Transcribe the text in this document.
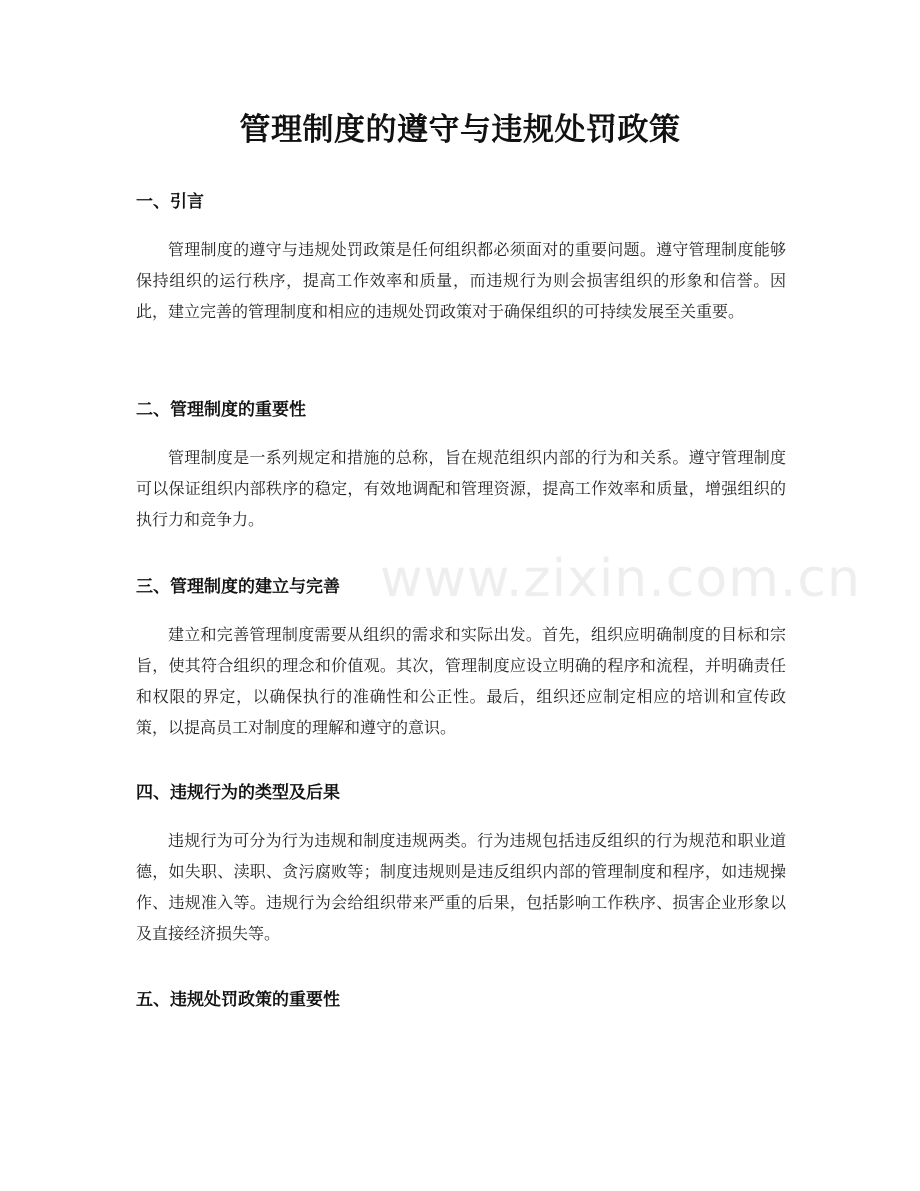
管理制度的遵守与违规处罚政策
www.zixin.com.cn
一、引言

管理制度的遵守与违规处罚政策是任何组织都必须面对的重要问题。遵守管理制度能够保持组织的运行秩序，提高工作效率和质量，而违规行为则会损害组织的形象和信誉。因此，建立完善的管理制度和相应的违规处罚政策对于确保组织的可持续发展至关重要。

二、管理制度的重要性

管理制度是一系列规定和措施的总称，旨在规范组织内部的行为和关系。遵守管理制度可以保证组织内部秩序的稳定，有效地调配和管理资源，提高工作效率和质量，增强组织的执行力和竞争力。

三、管理制度的建立与完善

建立和完善管理制度需要从组织的需求和实际出发。首先，组织应明确制度的目标和宗旨，使其符合组织的理念和价值观。其次，管理制度应设立明确的程序和流程，并明确责任和权限的界定，以确保执行的准确性和公正性。最后，组织还应制定相应的培训和宣传政策，以提高员工对制度的理解和遵守的意识。

四、违规行为的类型及后果

违规行为可分为行为违规和制度违规两类。行为违规包括违反组织的行为规范和职业道德，如失职、渎职、贪污腐败等；制度违规则是违反组织内部的管理制度和程序，如违规操作、违规准入等。违规行为会给组织带来严重的后果，包括影响工作秩序、损害企业形象以及直接经济损失等。

五、违规处罚政策的重要性
